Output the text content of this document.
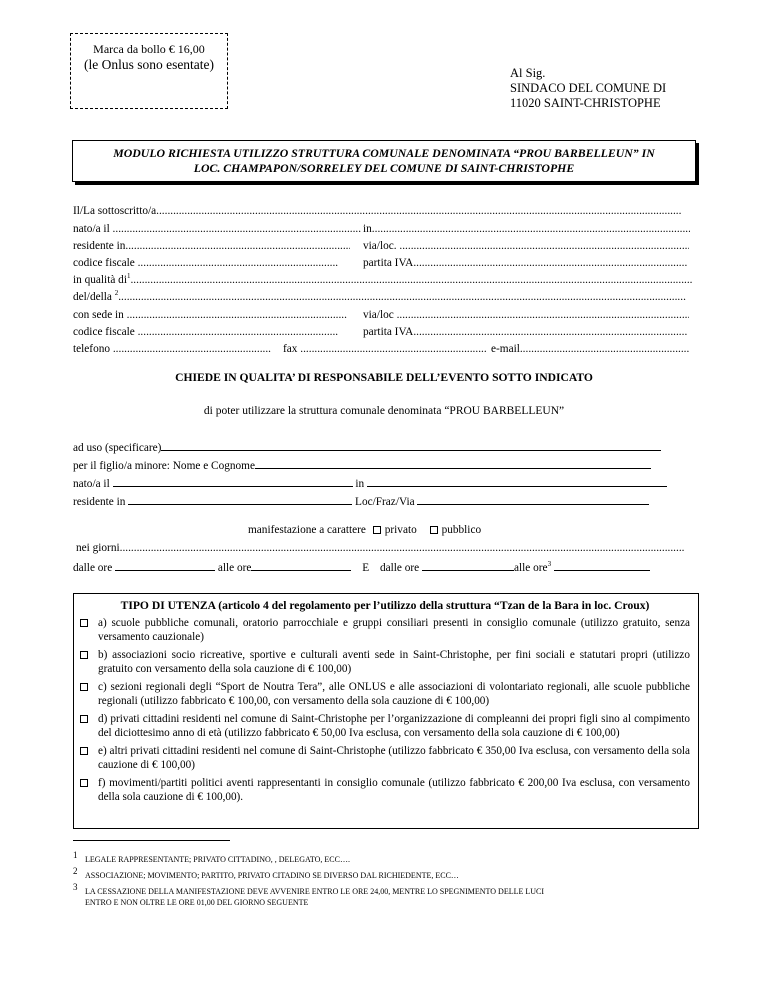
Marca da bollo € 16,00
(le Onlus sono esentate)
Al Sig.
SINDACO DEL COMUNE DI
11020 SAINT-CHRISTOPHE
MODULO RICHIESTA UTILIZZO STRUTTURA COMUNALE DENOMINATA “PROU BARBELLEUN” IN
LOC. CHAMPAPON/SORRELEY DEL COMUNE DI SAINT-CHRISTOPHE
Il/La sottoscritto/a.....
nato/a il .....	in.....
residente in .....	via/loc. .....
codice fiscale .....	partita IVA.....
in qualità $di^1$.....
del/della $^2$.....
con sede in .....	via/loc .....
codice fiscale .....	partita IVA.....
telefono .....	fax .....	e-mail.....
CHIEDE IN QUALITA’ DI RESPONSABILE DELL’EVENTO SOTTO INDICATO
di poter utilizzare la struttura comunale denominata “PROU BARBELLEUN”
ad uso (specificare)
per il figlio/a minore: Nome e Cognome
nato/a il	in
residente in	Loc/Fraz/Via
manifestazione a carattere privato pubblico
nei giorni.....
dalle ore	alle ore	E dalle ore	alle ore$^3$
TIPO DI UTENZA (articolo 4 del regolamento per l’utilizzo della struttura “Tzan de la Bara in loc. Croux)
a) scuole pubbliche comunali, oratorio parrocchiale e gruppi consiliari presenti in consiglio comunale (utilizzo gratuito, senza versamento cauzionale)
b) associazioni socio ricreative, sportive e culturali aventi sede in Saint-Christophe, per fini sociali e statutari propri (utilizzo gratuito con versamento della sola cauzione di € 100,00)
c) sezioni regionali degli “Sport de Noutra Tera”, alle ONLUS e alle associazioni di volontariato regionali, alle scuole pubbliche regionali (utilizzo fabbricato € 100,00, con versamento della sola cauzione di € 100,00)
d) privati cittadini residenti nel comune di Saint-Christophe per l’organizzazione di compleanni dei propri figli sino al compimento del diciottesimo anno di età (utilizzo fabbricato € 50,00 Iva esclusa, con versamento della sola cauzione di € 100,00)
e) altri privati cittadini residenti nel comune di Saint-Christophe (utilizzo fabbricato € 350,00 Iva esclusa, con versamento della sola cauzione di € 100,00)
f) movimenti/partiti politici aventi rappresentanti in consiglio comunale (utilizzo fabbricato € 200,00 Iva esclusa, con versamento della sola cauzione di € 100,00).
1 LEGALE RAPPRESENTANTE; PRIVATO CITTADINO, , DELEGATO, ECC….
2 ASSOCIAZIONE; MOVIMENTO; PARTITO, PRIVATO CITADINO SE DIVERSO DAL RICHIEDENTE, ECC…
3 LA CESSAZIONE DELLA MANIFESTAZIONE DEVE AVVENIRE ENTRO LE ORE 24,00, MENTRE LO SPEGNIMENTO DELLE LUCI
ENTRO E NON OLTRE LE ORE 01,00 DEL GIORNO SEGUENTE
